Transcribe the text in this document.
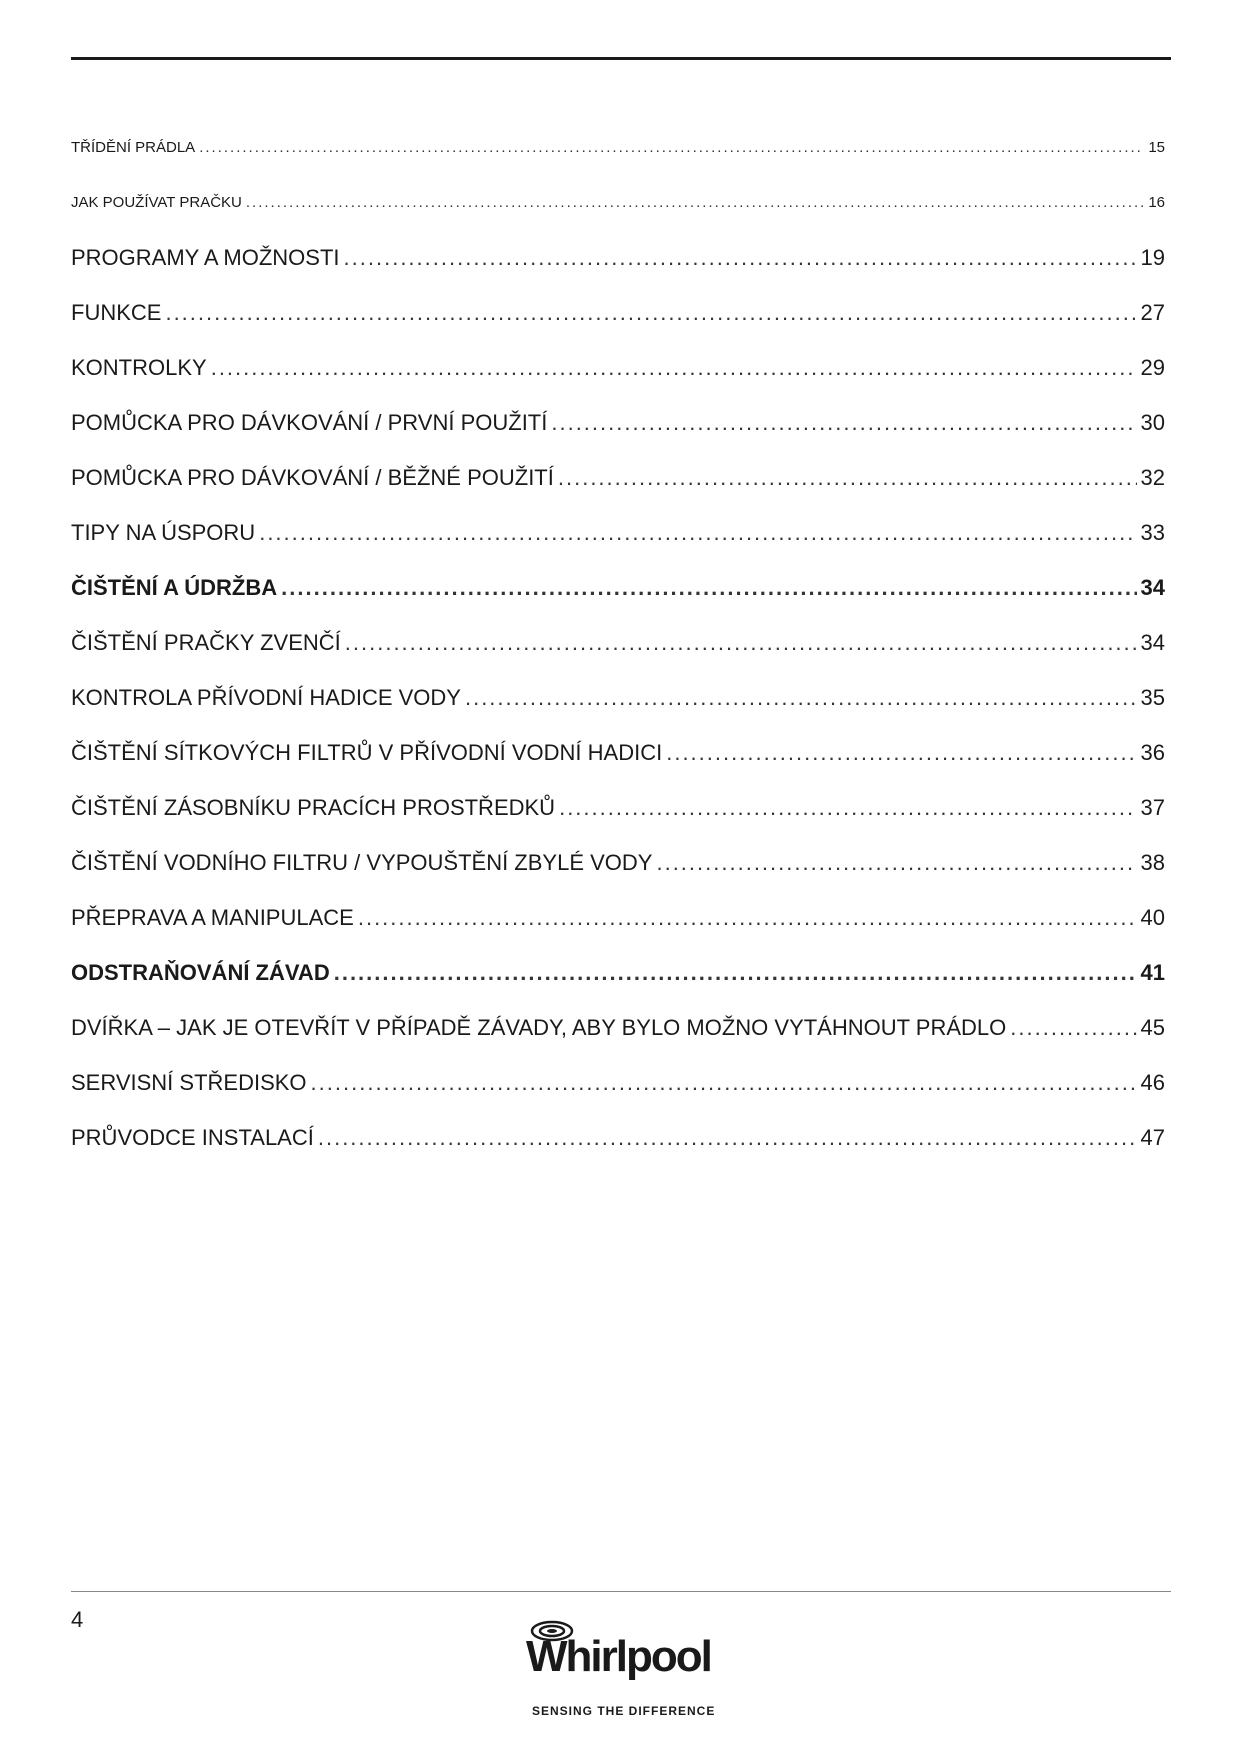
TŘÍDĚNÍ PRÁDLA .....	15
JAK POUŽÍVAT PRAČKU .....	16
PROGRAMY A MOŽNOSTI .....	19
FUNKCE .....	27
KONTROLKY .....	29
POMŮCKA PRO DÁVKOVÁNÍ / PRVNÍ POUŽITÍ .....	30
POMŮCKA PRO DÁVKOVÁNÍ / BĚŽNÉ POUŽITÍ .....	32
TIPY NA ÚSPORU .....	33
ČIŠTĚNÍ A ÚDRŽBA .....	34
ČIŠTĚNÍ PRAČKY ZVENČÍ .....	34
KONTROLA PŘÍVODNÍ HADICE VODY .....	35
ČIŠTĚNÍ SÍTKOVÝCH FILTRŮ V PŘÍVODNÍ VODNÍ HADICI .....	36
ČIŠTĚNÍ ZÁSOBNÍKU PRACÍCH PROSTŘEDKŮ .....	37
ČIŠTĚNÍ VODNÍHO FILTRU / VYPOUŠTĚNÍ ZBYLÉ VODY .....	38
PŘEPRAVA A MANIPULACE .....	40
ODSTRAŇOVÁNÍ ZÁVAD .....	41
DVÍŘKA – JAK JE OTEVŘÍT V PŘÍPADĚ ZÁVADY, ABY BYLO MOŽNO VYTÁHNOUT PRÁDLO .....	45
SERVISNÍ STŘEDISKO .....	46
PRŮVODCE INSTALACÍ .....	47
4
Whirlpool
SENSING THE DIFFERENCE
